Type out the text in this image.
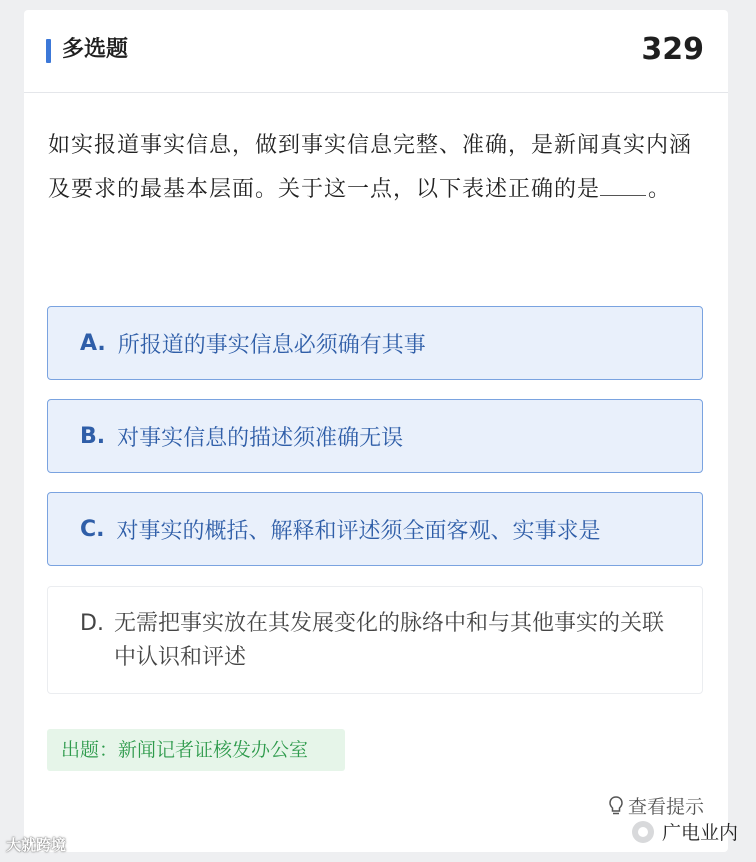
多选题	329
如实报道事实信息，做到事实信息完整、准确，是新闻真实内涵及要求的最基本层面。关于这一点，以下表述正确的是 。
A. 所报道的事实信息必须确有其事
B. 对事实信息的描述须准确无误
C. 对事实的概括、解释和评述须全面客观、实事求是
D. 无需把事实放在其发展变化的脉络中和与其他事实的关联中认识和评述
出题：新闻记者证核发办公室
查看提示
大就跨境
广电业内
